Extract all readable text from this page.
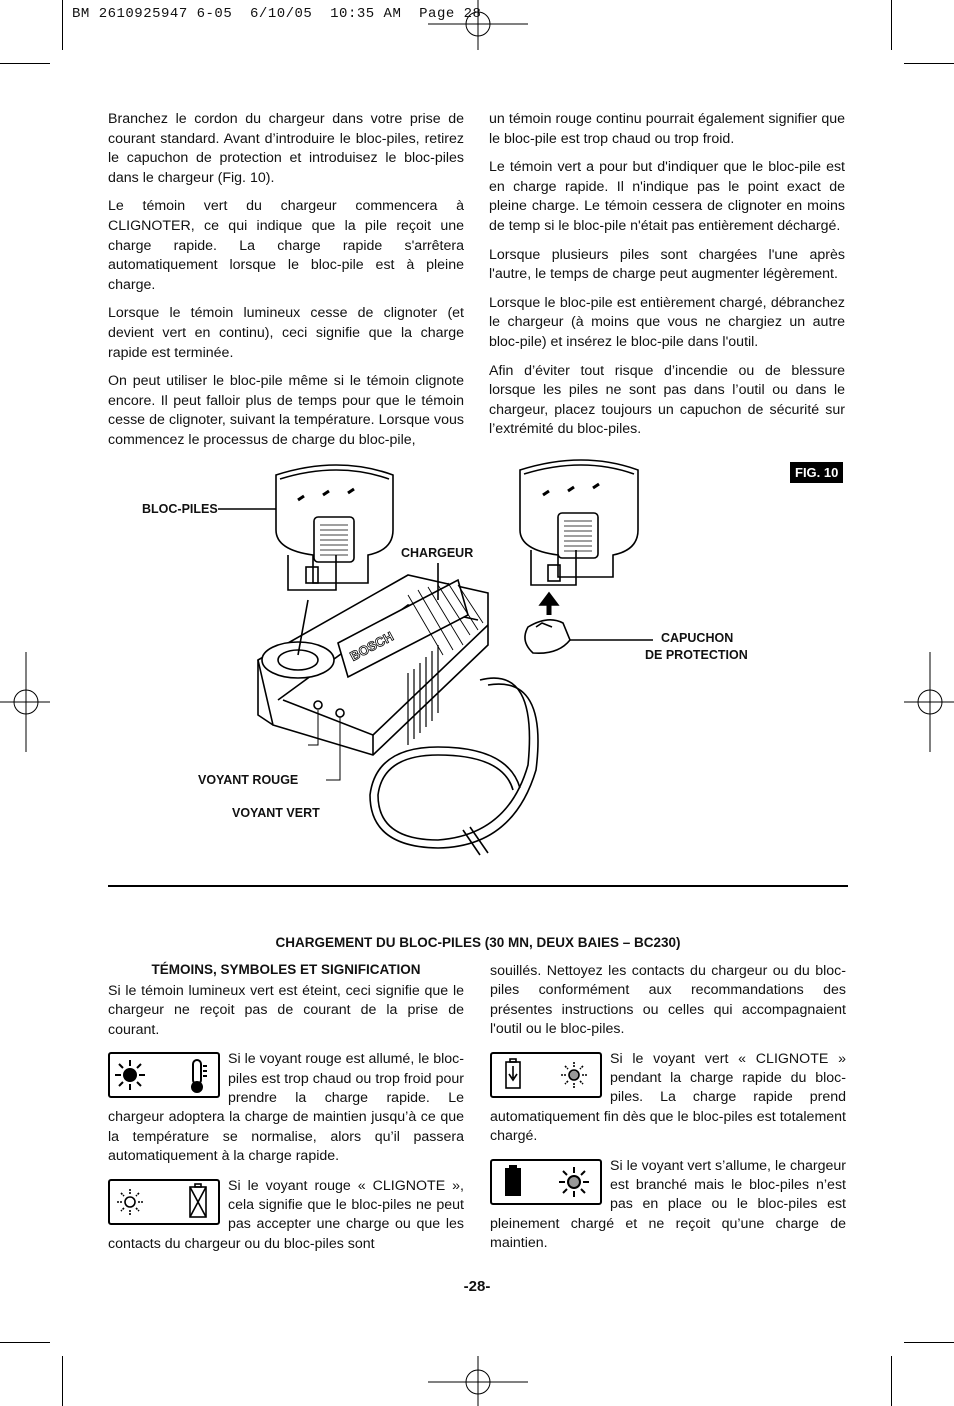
BM 2610925947 6-05  6/10/05  10:35 AM  Page 28

Branchez le cordon du chargeur dans votre prise de courant standard. Avant d’introduire le bloc-piles, retirez le capuchon de protection et introduisez le bloc-piles dans le chargeur (Fig. 10).

Le témoin vert du chargeur commencera à CLIGNOTER, ce qui indique que la pile reçoit une charge rapide. La charge rapide s'arrêtera automatiquement lorsque le bloc-pile est à pleine charge.

Lorsque le témoin lumineux cesse de clignoter (et devient vert en continu), ceci signifie que la charge rapide est terminée.

On peut utiliser le bloc-pile même si le témoin clignote encore. Il peut falloir plus de temps pour que le témoin cesse de clignoter, suivant la température. Lorsque vous commencez le processus de charge du bloc-pile,

un témoin rouge continu pourrait également signifier que le bloc-pile est trop chaud ou trop froid.

Le témoin vert a pour but d'indiquer que le bloc-pile est en charge rapide. Il n'indique pas le point exact de pleine charge. Le témoin cessera de clignoter en moins de temp si le bloc-pile n'était pas entièrement déchargé.

Lorsque plusieurs piles sont chargées l'une après l'autre, le temps de charge peut augmenter légèrement.

Lorsque le bloc-pile est entièrement chargé, débranchez le chargeur (à moins que vous ne chargiez un autre bloc-pile) et insérez le bloc-pile dans l'outil.

Afin d’éviter tout risque d’incendie ou de blessure lorsque les piles ne sont pas dans l’outil ou dans le chargeur, placez toujours un capuchon de sécurité sur l’extrémité du bloc-piles.

BOSCH
FIG. 10
BLOC-PILES
CHARGEUR
CAPUCHON
DE PROTECTION
VOYANT ROUGE
VOYANT VERT
CHARGEMENT DU BLOC-PILES (30 MN, DEUX BAIES – BC230)
TÉMOINS, SYMBOLES ET SIGNIFICATION

Si le témoin lumineux vert est éteint, ceci signifie que le chargeur ne reçoit pas de courant de la prise de courant.

Si le voyant rouge est allumé, le bloc-piles est trop chaud ou trop froid pour prendre la charge rapide. Le chargeur adoptera la charge de maintien jusqu’à ce que la température se normalise, alors qu’il passera automatiquement à la charge rapide.

Si le voyant rouge « CLIGNOTE », cela signifie que le bloc-piles ne peut pas accepter une charge ou que les contacts du chargeur ou du bloc-piles sont

souillés. Nettoyez les contacts du chargeur ou du bloc-piles conformément aux recommandations des présentes instructions ou celles qui accompagnaient l'outil ou le bloc-piles.

Si le voyant vert « CLIGNOTE » pendant la charge rapide du bloc-piles. La charge rapide prend automatiquement fin dès que le bloc-piles est totalement chargé.

Si le voyant vert s’allume, le chargeur est branché mais le bloc-piles n’est pas en place ou le bloc-piles est pleinement chargé et ne reçoit qu’une charge de maintien.

-28-
